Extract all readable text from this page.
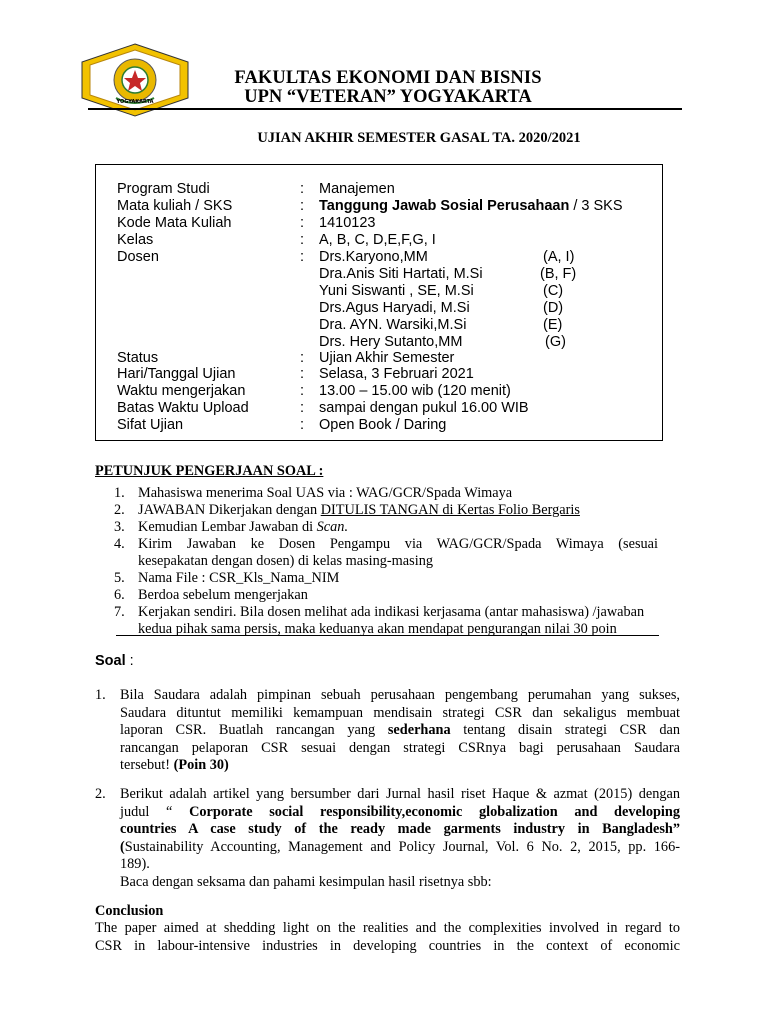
YOGYAKARTA
FAKULTAS EKONOMI DAN BISNIS
UPN “VETERAN” YOGYAKARTA
UJIAN AKHIR SEMESTER GASAL TA. 2020/2021
Program Studi	: Manajemen
Mata kuliah / SKS	: Tanggung Jawab Sosial Perusahaan / 3 SKS
Kode Mata Kuliah	: 1410123
Kelas	: A, B, C, D,E,F,G, I
Dosen	: Drs.Karyono,MM	(A, I)
Dra.Anis Siti Hartati, M.Si	(B, F)
Yuni Siswanti , SE, M.Si	(C)
Drs.Agus Haryadi, M.Si	(D)
Dra. AYN. Warsiki,M.Si	(E)
Drs. Hery Sutanto,MM	(G)
Status	: Ujian Akhir Semester
Hari/Tanggal Ujian	: Selasa, 3 Februari 2021
Waktu mengerjakan	: 13.00 – 15.00 wib (120 menit)
Batas Waktu Upload	: sampai dengan pukul 16.00 WIB
Sifat Ujian	: Open Book / Daring
PETUNJUK PENGERJAAN SOAL :
1. Mahasiswa menerima Soal UAS via : WAG/GCR/Spada Wimaya
2. JAWABAN Dikerjakan dengan DITULIS TANGAN di Kertas Folio Bergaris
3. Kemudian Lembar Jawaban di Scan.
4. Kirim Jawaban ke Dosen Pengampu via WAG/GCR/Spada Wimaya (sesuai
kesepakatan dengan dosen) di kelas masing-masing
5. Nama File : CSR_Kls_Nama_NIM
6. Berdoa sebelum mengerjakan
7. Kerjakan sendiri. Bila dosen melihat ada indikasi kerjasama (antar mahasiswa) /jawaban
kedua pihak sama persis, maka keduanya akan mendapat pengurangan nilai 30 poin
Soal :
1. Bila Saudara adalah pimpinan sebuah perusahaan pengembang perumahan yang sukses,
Saudara dituntut memiliki kemampuan mendisain strategi CSR dan sekaligus membuat
laporan CSR. Buatlah rancangan yang sederhana tentang disain strategi CSR dan
rancangan pelaporan CSR sesuai dengan strategi CSRnya bagi perusahaan Saudara
tersebut! (Poin 30)
2. Berikut adalah artikel yang bersumber dari Jurnal hasil riset Haque & azmat (2015) dengan
judul “ Corporate social responsibility,economic globalization and developing
countries A case study of the ready made garments industry in Bangladesh”
(Sustainability Accounting, Management and Policy Journal, Vol. 6 No. 2, 2015, pp. 166-
189).
Baca dengan seksama dan pahami kesimpulan hasil risetnya sbb:
Conclusion
The paper aimed at shedding light on the realities and the complexities involved in regard to
CSR in labour-intensive industries in developing countries in the context of economic
